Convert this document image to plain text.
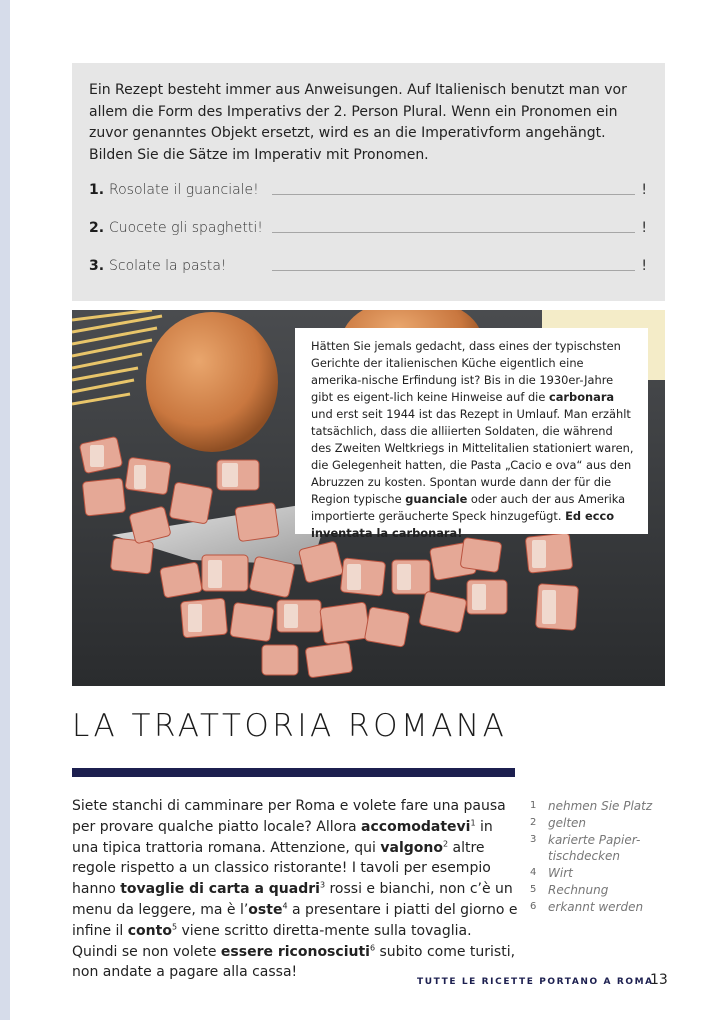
Ein Rezept besteht immer aus Anweisungen. Auf Italienisch benutzt man vor allem die Form des Imperativs der 2. Person Plural. Wenn ein Pronomen ein zuvor genanntes Objekt ersetzt, wird es an die Imperativform angehängt. Bilden Sie die Sätze im Imperativ mit Pronomen.

1. Rosolate il guanciale!	!
2. Cuocete gli spaghetti!	!
3. Scolate la pasta!	!
Hätten Sie jemals gedacht, dass eines der typischsten Gerichte der italienischen Küche eigentlich eine amerika-nische Erfindung ist? Bis in die 1930er-Jahre gibt es eigent-lich keine Hinweise auf die carbonara und erst seit 1944 ist das Rezept in Umlauf. Man erzählt tatsächlich, dass die alliierten Soldaten, die während des Zweiten Weltkriegs in Mittelitalien stationiert waren, die Gelegenheit hatten, die Pasta „Cacio e ova“ aus den Abruzzen zu kosten. Spontan wurde dann der für die Region typische guanciale oder auch der aus Amerika importierte geräucherte Speck hinzugefügt. Ed ecco inventata la carbonara!
LA TRATTORIA ROMANA

Siete stanchi di camminare per Roma e volete fare una pausa per provare qualche piatto locale? Allora accomodatevi$^1$ in una tipica trattoria romana. Attenzione, qui valgono$^2$ altre regole rispetto a un classico ristorante! I tavoli per esempio hanno tovaglie di carta a quadri$^3$ rossi e bianchi, non c’è un menu da leggere, ma è l’oste$^4$ a presentare i piatti del giorno e infine il conto$^5$ viene scritto diretta-mente sulla tovaglia. Quindi se non volete essere riconosciuti$^6$ subito come turisti, non andate a pagare alla cassa!

1 nehmen Sie Platz
2 gelten
3 karierte Papier-tischdecken
4 Wirt
5 Rechnung
6 erkannt werden
TUTTE LE RICETTE PORTANO A ROMA
13
